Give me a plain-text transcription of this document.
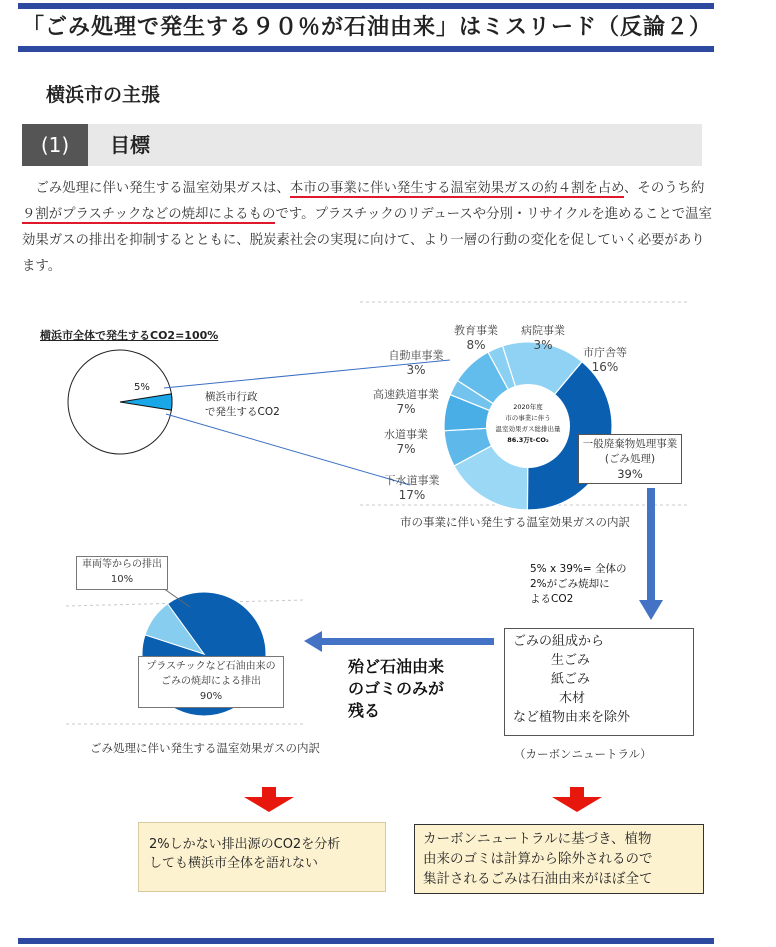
「ごみ処理で発生する９０％が石油由来」はミスリード（反論２）
横浜市の主張
(1)	目標
　ごみ処理に伴い発生する温室効果ガスは、本市の事業に伴い発生する温室効果ガスの約４割を占め、そのうち約９割がプラスチックなどの焼却によるものです。プラスチックのリデュースや分別・リサイクルを進めることで温室効果ガスの排出を抑制するとともに、脱炭素社会の実現に向けて、より一層の行動の変化を促していく必要があります。
横浜市全体で発生するCO2=100%
5%
横浜市行政
で発生するCO2
教育事業
8%
病院事業
3%
市庁舎等
16%
自動車事業
3%
高速鉄道事業
7%
水道事業
7%
下水道事業
17%
一般廃棄物処理事業
(ごみ処理)
39%
2020年度
市の事業に伴う
温室効果ガス総排出量
86.3万t-CO₂
市の事業に伴い発生する温室効果ガスの内訳
5% x 39%= 全体の
2%がごみ焼却に
よるCO2
ごみの組成から
生ごみ
紙ごみ
木材
など植物由来を除外
（カーボンニュートラル）
殆ど石油由来
のゴミのみが
残る
車両等からの排出
10%
プラスチックなど石油由来の
ごみの焼却による排出
90%
ごみ処理に伴い発生する温室効果ガスの内訳
2%しかない排出源のCO2を分析
しても横浜市全体を語れない
カーボンニュートラルに基づき、植物
由来のゴミは計算から除外されるので
集計されるごみは石油由来がほぼ全て
